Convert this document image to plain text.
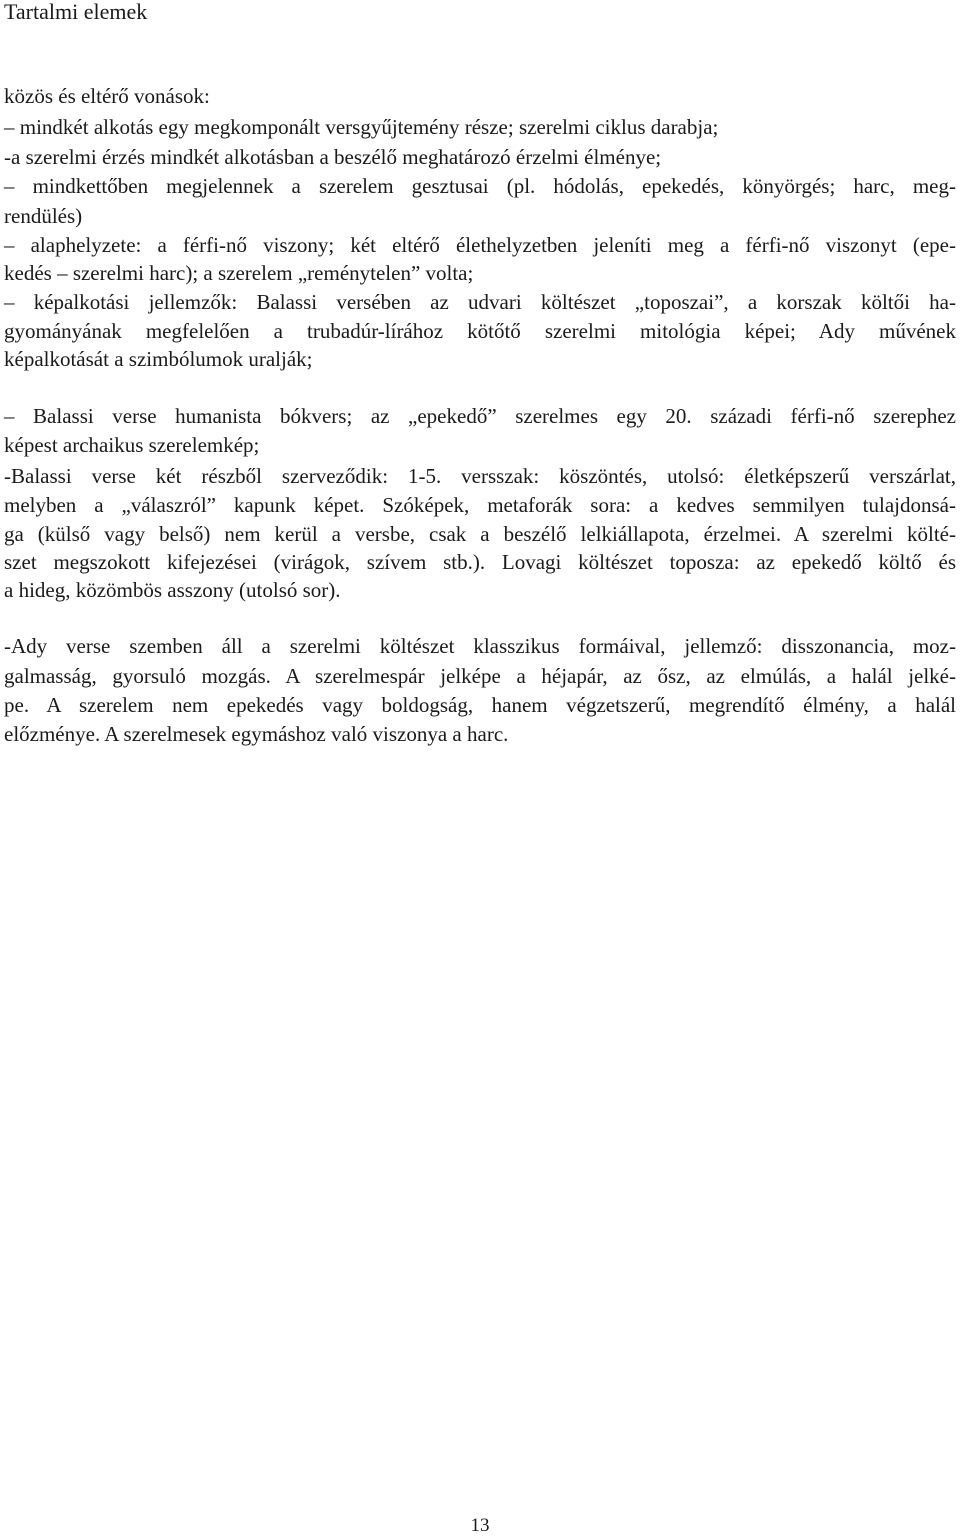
Tartalmi elemek
közös és eltérő vonások:
– mindkét alkotás egy megkomponált versgyűjtemény része; szerelmi ciklus darabja;
-a szerelmi érzés mindkét alkotásban a beszélő meghatározó érzelmi élménye;
– mindkettőben megjelennek a szerelem gesztusai (pl. hódolás, epekedés, könyörgés; harc, meg-
rendülés)
– alaphelyzete: a férfi-nő viszony; két eltérő élethelyzetben jeleníti meg a férfi-nő viszonyt (epe-
kedés – szerelmi harc); a szerelem „reménytelen” volta;
– képalkotási jellemzők: Balassi versében az udvari költészet „toposzai”, a korszak költői ha-
gyományának megfelelően a trubadúr-lírához kötőtő szerelmi mitológia képei; Ady művének
képalkotását a szimbólumok uralják;
– Balassi verse humanista bókvers; az „epekedő” szerelmes egy 20. századi férfi-nő szerephez
képest archaikus szerelemkép;
-Balassi verse két részből szerveződik: 1-5. versszak: köszöntés, utolsó: életképszerű verszárlat,
melyben a „válaszról” kapunk képet. Szóképek, metaforák sora: a kedves semmilyen tulajdonsá-
ga (külső vagy belső) nem kerül a versbe, csak a beszélő lelkiállapota, érzelmei. A szerelmi költé-
szet megszokott kifejezései (virágok, szívem stb.). Lovagi költészet toposza: az epekedő költő és
a hideg, közömbös asszony (utolsó sor).
-Ady verse szemben áll a szerelmi költészet klasszikus formáival, jellemző: disszonancia, moz-
galmasság, gyorsuló mozgás. A szerelmespár jelképe a héjapár, az ősz, az elmúlás, a halál jelké-
pe. A szerelem nem epekedés vagy boldogság, hanem végzetszerű, megrendítő élmény, a halál
előzménye. A szerelmesek egymáshoz való viszonya a harc.
13
